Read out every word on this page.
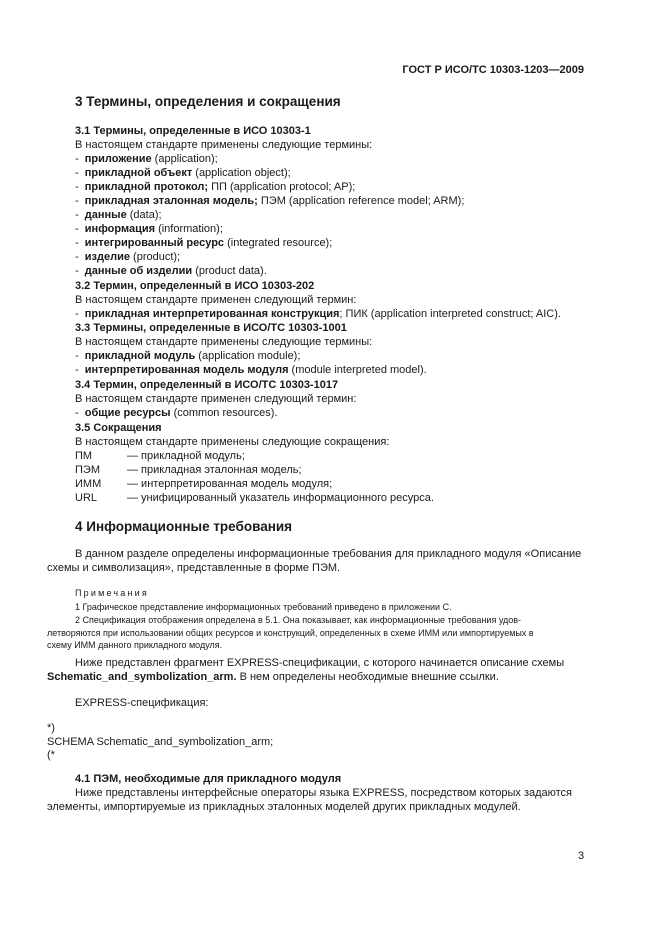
ГОСТ Р ИСО/ТС 10303-1203—2009
3 Термины, определения и сокращения
3.1 Термины, определенные в ИСО 10303-1
В настоящем стандарте применены следующие термины:
-  приложение (application);
-  прикладной объект (application object);
-  прикладной протокол; ПП (application protocol; AP);
-  прикладная эталонная модель; ПЭМ (application reference model; ARM);
-  данные (data);
-  информация (information);
-  интегрированный ресурс (integrated resource);
-  изделие (product);
-  данные об изделии (product data).
3.2 Термин, определенный в ИСО 10303-202
В настоящем стандарте применен следующий термин:
-  прикладная интерпретированная конструкция; ПИК (application interpreted construct; AIC).
3.3 Термины, определенные в ИСО/ТС 10303-1001
В настоящем стандарте применены следующие термины:
-  прикладной модуль (application module);
-  интерпретированная модель модуля (module interpreted model).
3.4 Термин, определенный в ИСО/ТС 10303-1017
В настоящем стандарте применен следующий термин:
-  общие ресурсы (common resources).
3.5 Сокращения
В настоящем стандарте применены следующие сокращения:
ПМ	— прикладной модуль;
ПЭМ — прикладная эталонная модель;
ИММ — интерпретированная модель модуля;
URL	— унифицированный указатель информационного ресурса.
4 Информационные требования
В данном разделе определены информационные требования для прикладного модуля «Описание
схемы и символизация», представленные в форме ПЭМ.
Примечания
1 Графическое представление информационных требований приведено в приложении С.
2 Спецификация отображения определена в 5.1. Она показывает, как информационные требования удов-
летворяются при использовании общих ресурсов и конструкций, определенных в схеме ИММ или импортируемых в
схему ИММ данного прикладного модуля.
Ниже представлен фрагмент EXPRESS-спецификации, с которого начинается описание схемы
Schematic_and_symbolization_arm. В нем определены необходимые внешние ссылки.
EXPRESS-спецификация:
*)
SCHEMA Schematic_and_symbolization_arm;
(*
4.1 ПЭМ, необходимые для прикладного модуля
Ниже представлены интерфейсные операторы языка EXPRESS, посредством которых задаются
элементы, импортируемые из прикладных эталонных моделей других прикладных модулей.
3
